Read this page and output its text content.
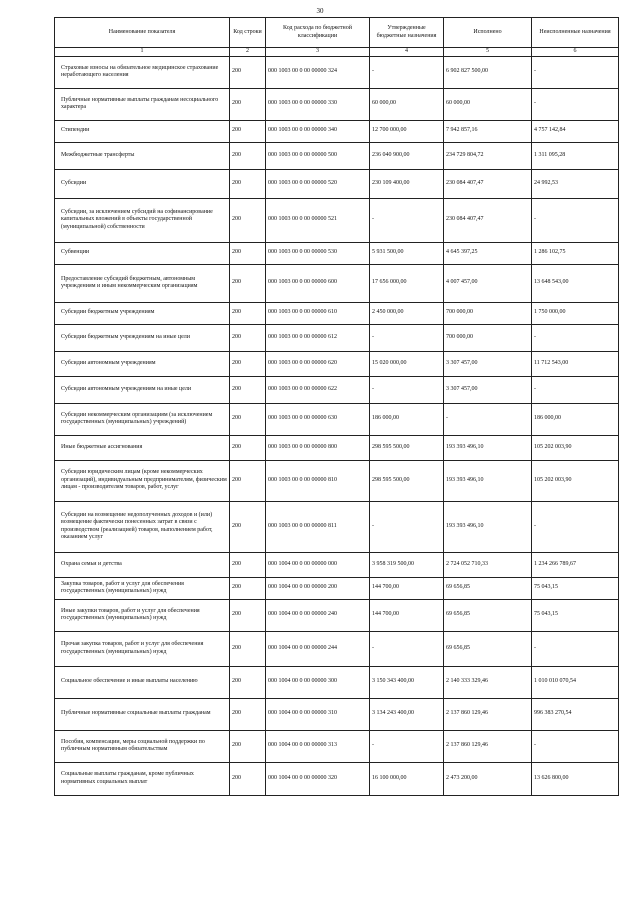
30
Наименование показателя	Код строки	Код расхода по бюджетной классификации	Утвержденные бюджетные назначения	Исполнено	Неисполненные назначения
1	2	3	4	5	6
Страховые взносы на обязательное медицинское страхование неработающего населения	200	000 1003 00 0 00 00000 324	-	6 902 827 500,00	-
Публичные нормативные выплаты гражданам несоциального характера	200	000 1003 00 0 00 00000 330	60 000,00	60 000,00	-
Стипендии	200	000 1003 00 0 00 00000 340	12 700 000,00	7 942 857,16	4 757 142,84
Межбюджетные трансферты	200	000 1003 00 0 00 00000 500	236 040 900,00	234 729 804,72	1 311 095,28
Субсидии	200	000 1003 00 0 00 00000 520	230 109 400,00	230 084 407,47	24 992,53
Субсидии, за исключением субсидий на софинансирование капитальных вложений в объекты государственной (муниципальной) собственности	200	000 1003 00 0 00 00000 521	-	230 084 407,47	-
Субвенции	200	000 1003 00 0 00 00000 530	5 931 500,00	4 645 397,25	1 286 102,75
Предоставление субсидий бюджетным, автономным учреждениям и иным некоммерческим организациям	200	000 1003 00 0 00 00000 600	17 656 000,00	4 007 457,00	13 648 543,00
Субсидии бюджетным учреждениям	200	000 1003 00 0 00 00000 610	2 450 000,00	700 000,00	1 750 000,00
Субсидии бюджетным учреждениям на иные цели	200	000 1003 00 0 00 00000 612	-	700 000,00	-
Субсидии автономным учреждениям	200	000 1003 00 0 00 00000 620	15 020 000,00	3 307 457,00	11 712 543,00
Субсидии автономным учреждениям на иные цели	200	000 1003 00 0 00 00000 622	-	3 307 457,00	-
Субсидии некоммерческим организациям (за исключением государственных (муниципальных) учреждений)	200	000 1003 00 0 00 00000 630	186 000,00	-	186 000,00
Иные бюджетные ассигнования	200	000 1003 00 0 00 00000 800	298 595 500,00	193 393 496,10	105 202 003,90
Субсидии юридическим лицам (кроме некоммерческих организаций), индивидуальным предпринимателям, физическим лицам - производителям товаров, работ, услуг	200	000 1003 00 0 00 00000 810	298 595 500,00	193 393 496,10	105 202 003,90
Субсидии на возмещение недополученных доходов и (или) возмещение фактически понесенных затрат в связи с производством (реализацией) товаров, выполнением работ, оказанием услуг	200	000 1003 00 0 00 00000 811	-	193 393 496,10	-
Охрана семьи и детства	200	000 1004 00 0 00 00000 000	3 958 319 500,00	2 724 052 710,33	1 234 266 789,67
Закупка товаров, работ и услуг для обеспечения государственных (муниципальных) нужд	200	000 1004 00 0 00 00000 200	144 700,00	69 656,85	75 043,15
Иные закупки товаров, работ и услуг для обеспечения государственных (муниципальных) нужд	200	000 1004 00 0 00 00000 240	144 700,00	69 656,85	75 043,15
Прочая закупка товаров, работ и услуг для обеспечения государственных (муниципальных) нужд	200	000 1004 00 0 00 00000 244	-	69 656,85	-
Социальное обеспечение и иные выплаты населению	200	000 1004 00 0 00 00000 300	3 150 343 400,00	2 140 333 329,46	1 010 010 070,54
Публичные нормативные социальные выплаты гражданам	200	000 1004 00 0 00 00000 310	3 134 243 400,00	2 137 860 129,46	996 383 270,54
Пособия, компенсации, меры социальной поддержки по публичным нормативным обязательствам	200	000 1004 00 0 00 00000 313	-	2 137 860 129,46	-
Социальные выплаты гражданам, кроме публичных нормативных социальных выплат	200	000 1004 00 0 00 00000 320	16 100 000,00	2 473 200,00	13 626 800,00
